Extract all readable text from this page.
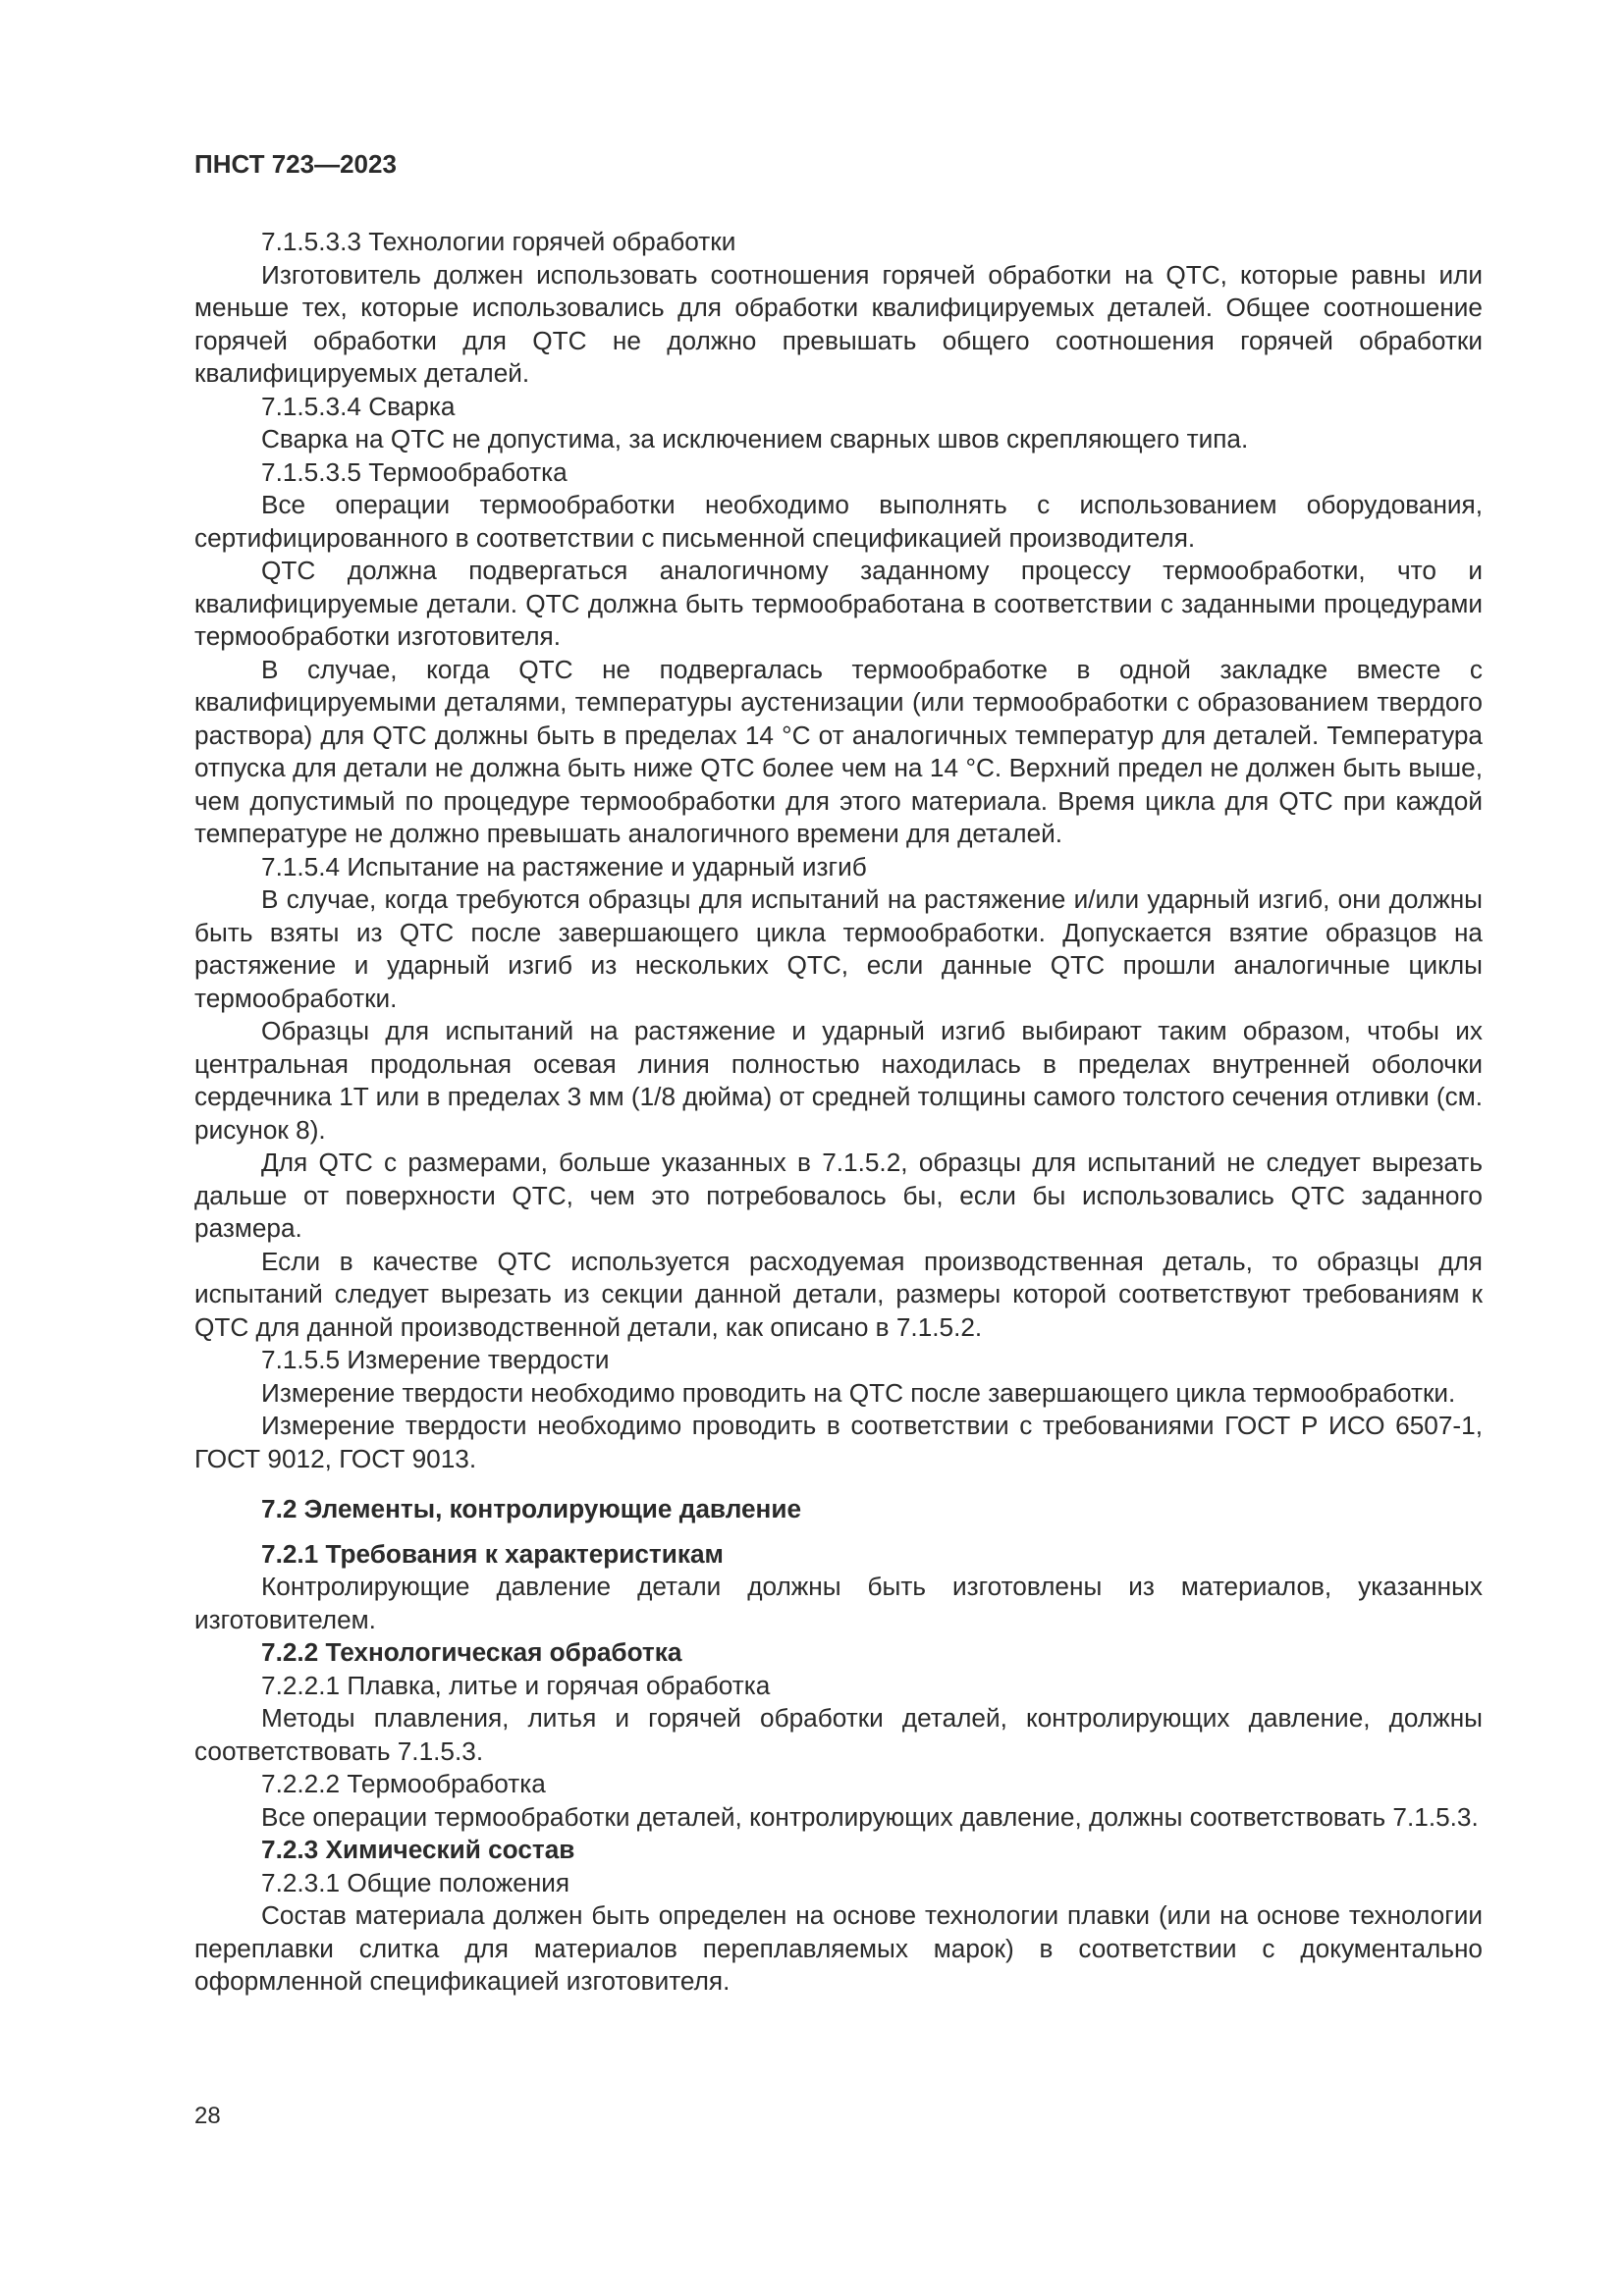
ПНСТ 723—2023

7.1.5.3.3 Технологии горячей обработки

Изготовитель должен использовать соотношения горячей обработки на QTC, которые равны или меньше тех, которые использовались для обработки квалифицируемых деталей. Общее соотношение горячей обработки для QTC не должно превышать общего соотношения горячей обработки квалифицируемых деталей.

7.1.5.3.4 Сварка

Сварка на QTC не допустима, за исключением сварных швов скрепляющего типа.

7.1.5.3.5 Термообработка

Все операции термообработки необходимо выполнять с использованием оборудования, сертифицированного в соответствии с письменной спецификацией производителя.

QTC должна подвергаться аналогичному заданному процессу термообработки, что и квалифицируемые детали. QTC должна быть термообработана в соответствии с заданными процедурами термообработки изготовителя.

В случае, когда QTC не подвергалась термообработке в одной закладке вместе с квалифицируемыми деталями, температуры аустенизации (или термообработки с образованием твердого раствора) для QTC должны быть в пределах 14 °C от аналогичных температур для деталей. Температура отпуска для детали не должна быть ниже QTC более чем на 14 °C. Верхний предел не должен быть выше, чем допустимый по процедуре термообработки для этого материала. Время цикла для QTC при каждой температуре не должно превышать аналогичного времени для деталей.

7.1.5.4 Испытание на растяжение и ударный изгиб

В случае, когда требуются образцы для испытаний на растяжение и/или ударный изгиб, они должны быть взяты из QTC после завершающего цикла термообработки. Допускается взятие образцов на растяжение и ударный изгиб из нескольких QTC, если данные QTC прошли аналогичные циклы термообработки.

Образцы для испытаний на растяжение и ударный изгиб выбирают таким образом, чтобы их центральная продольная осевая линия полностью находилась в пределах внутренней оболочки сердечника 1T или в пределах 3 мм (1/8 дюйма) от средней толщины самого толстого сечения отливки (см. рисунок 8).

Для QTC с размерами, больше указанных в 7.1.5.2, образцы для испытаний не следует вырезать дальше от поверхности QTC, чем это потребовалось бы, если бы использовались QTC заданного размера.

Если в качестве QTC используется расходуемая производственная деталь, то образцы для испытаний следует вырезать из секции данной детали, размеры которой соответствуют требованиям к QTC для данной производственной детали, как описано в 7.1.5.2.

7.1.5.5 Измерение твердости

Измерение твердости необходимо проводить на QTC после завершающего цикла термообработки.

Измерение твердости необходимо проводить в соответствии с требованиями ГОСТ Р ИСО 6507-1, ГОСТ 9012, ГОСТ 9013.

7.2 Элементы, контролирующие давление
7.2.1 Требования к характеристикам

Контролирующие давление детали должны быть изготовлены из материалов, указанных изготовителем.

7.2.2 Технологическая обработка

7.2.2.1 Плавка, литье и горячая обработка

Методы плавления, литья и горячей обработки деталей, контролирующих давление, должны соответствовать 7.1.5.3.

7.2.2.2 Термообработка

Все операции термообработки деталей, контролирующих давление, должны соответствовать 7.1.5.3.

7.2.3 Химический состав

7.2.3.1 Общие положения

Состав материала должен быть определен на основе технологии плавки (или на основе технологии переплавки слитка для материалов переплавляемых марок) в соответствии с документально оформленной спецификацией изготовителя.

28
